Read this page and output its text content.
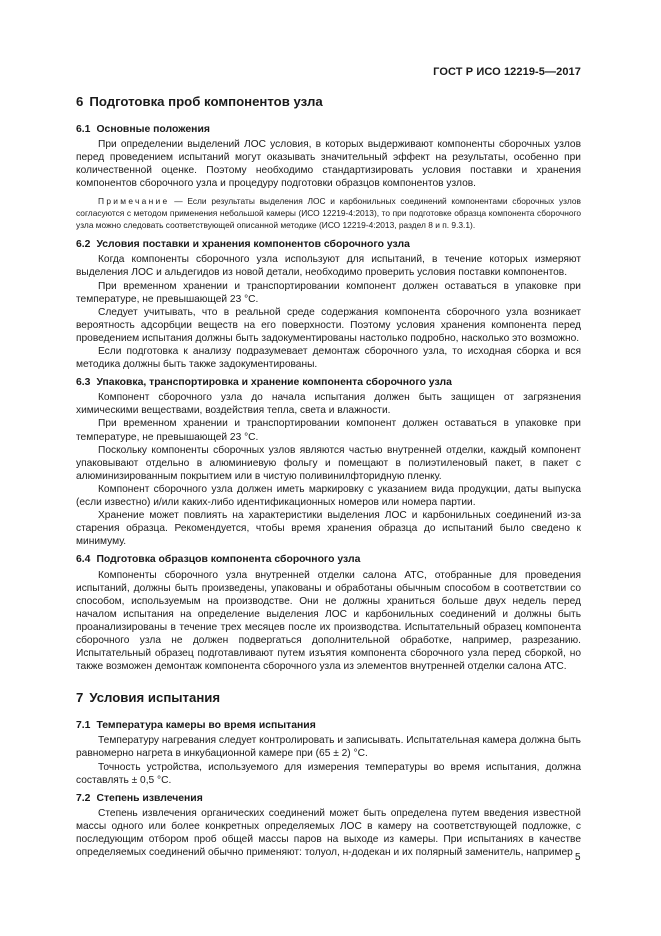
ГОСТ Р ИСО 12219-5—2017
6 Подготовка проб компонентов узла
6.1 Основные положения

При определении выделений ЛОС условия, в которых выдерживают компоненты сборочных узлов перед проведением испытаний могут оказывать значительный эффект на результаты, особенно при количественной оценке. Поэтому необходимо стандартизировать условия поставки и хранения компонентов сборочного узла и процедуру подготовки образцов компонентов узлов.

Примечание — Если результаты выделения ЛОС и карбонильных соединений компонентами сборочных узлов согласуются с методом применения небольшой камеры (ИСО 12219-4:2013), то при подготовке образца компонента сборочного узла можно следовать соответствующей описанной методике (ИСО 12219-4:2013, раздел 8 и п. 9.3.1).
6.2 Условия поставки и хранения компонентов сборочного узла

Когда компоненты сборочного узла используют для испытаний, в течение которых измеряют выделения ЛОС и альдегидов из новой детали, необходимо проверить условия поставки компонентов.

При временном хранении и транспортировании компонент должен оставаться в упаковке при температуре, не превышающей 23 °С.

Следует учитывать, что в реальной среде содержания компонента сборочного узла возникает вероятность адсорбции веществ на его поверхности. Поэтому условия хранения компонента перед проведением испытания должны быть задокументированы настолько подробно, насколько это возможно.

Если подготовка к анализу подразумевает демонтаж сборочного узла, то исходная сборка и вся методика должны быть также задокументированы.

6.3 Упаковка, транспортировка и хранение компонента сборочного узла

Компонент сборочного узла до начала испытания должен быть защищен от загрязнения химическими веществами, воздействия тепла, света и влажности.

При временном хранении и транспортировании компонент должен оставаться в упаковке при температуре, не превышающей 23 °С.

Поскольку компоненты сборочных узлов являются частью внутренней отделки, каждый компонент упаковывают отдельно в алюминиевую фольгу и помещают в полиэтиленовый пакет, в пакет с алюминизированным покрытием или в чистую поливинилфторидную пленку.

Компонент сборочного узла должен иметь маркировку с указанием вида продукции, даты выпуска (если известно) и/или каких-либо идентификационных номеров или номера партии.

Хранение может повлиять на характеристики выделения ЛОС и карбонильных соединений из-за старения образца. Рекомендуется, чтобы время хранения образца до испытаний было сведено к минимуму.

6.4 Подготовка образцов компонента сборочного узла

Компоненты сборочного узла внутренней отделки салона АТС, отобранные для проведения испытаний, должны быть произведены, упакованы и обработаны обычным способом в соответствии со способом, используемым на производстве. Они не должны храниться больше двух недель перед началом испытания на определение выделения ЛОС и карбонильных соединений и должны быть проанализированы в течение трех месяцев после их производства. Испытательный образец компонента сборочного узла не должен подвергаться дополнительной обработке, например, разрезанию. Испытательный образец подготавливают путем изъятия компонента сборочного узла перед сборкой, но также возможен демонтаж компонента сборочного узла из элементов внутренней отделки салона АТС.

7 Условия испытания
7.1 Температура камеры во время испытания

Температуру нагревания следует контролировать и записывать. Испытательная камера должна быть равномерно нагрета в инкубационной камере при (65 ± 2) °С.

Точность устройства, используемого для измерения температуры во время испытания, должна составлять ± 0,5 °С.

7.2 Степень извлечения

Степень извлечения органических соединений может быть определена путем введения известной массы одного или более конкретных определяемых ЛОС в камеру на соответствующей подложке, с последующим отбором проб общей массы паров на выходе из камеры. При испытаниях в качестве определяемых соединений обычно применяют: толуол, н-додекан и их полярный заменитель, например 5
